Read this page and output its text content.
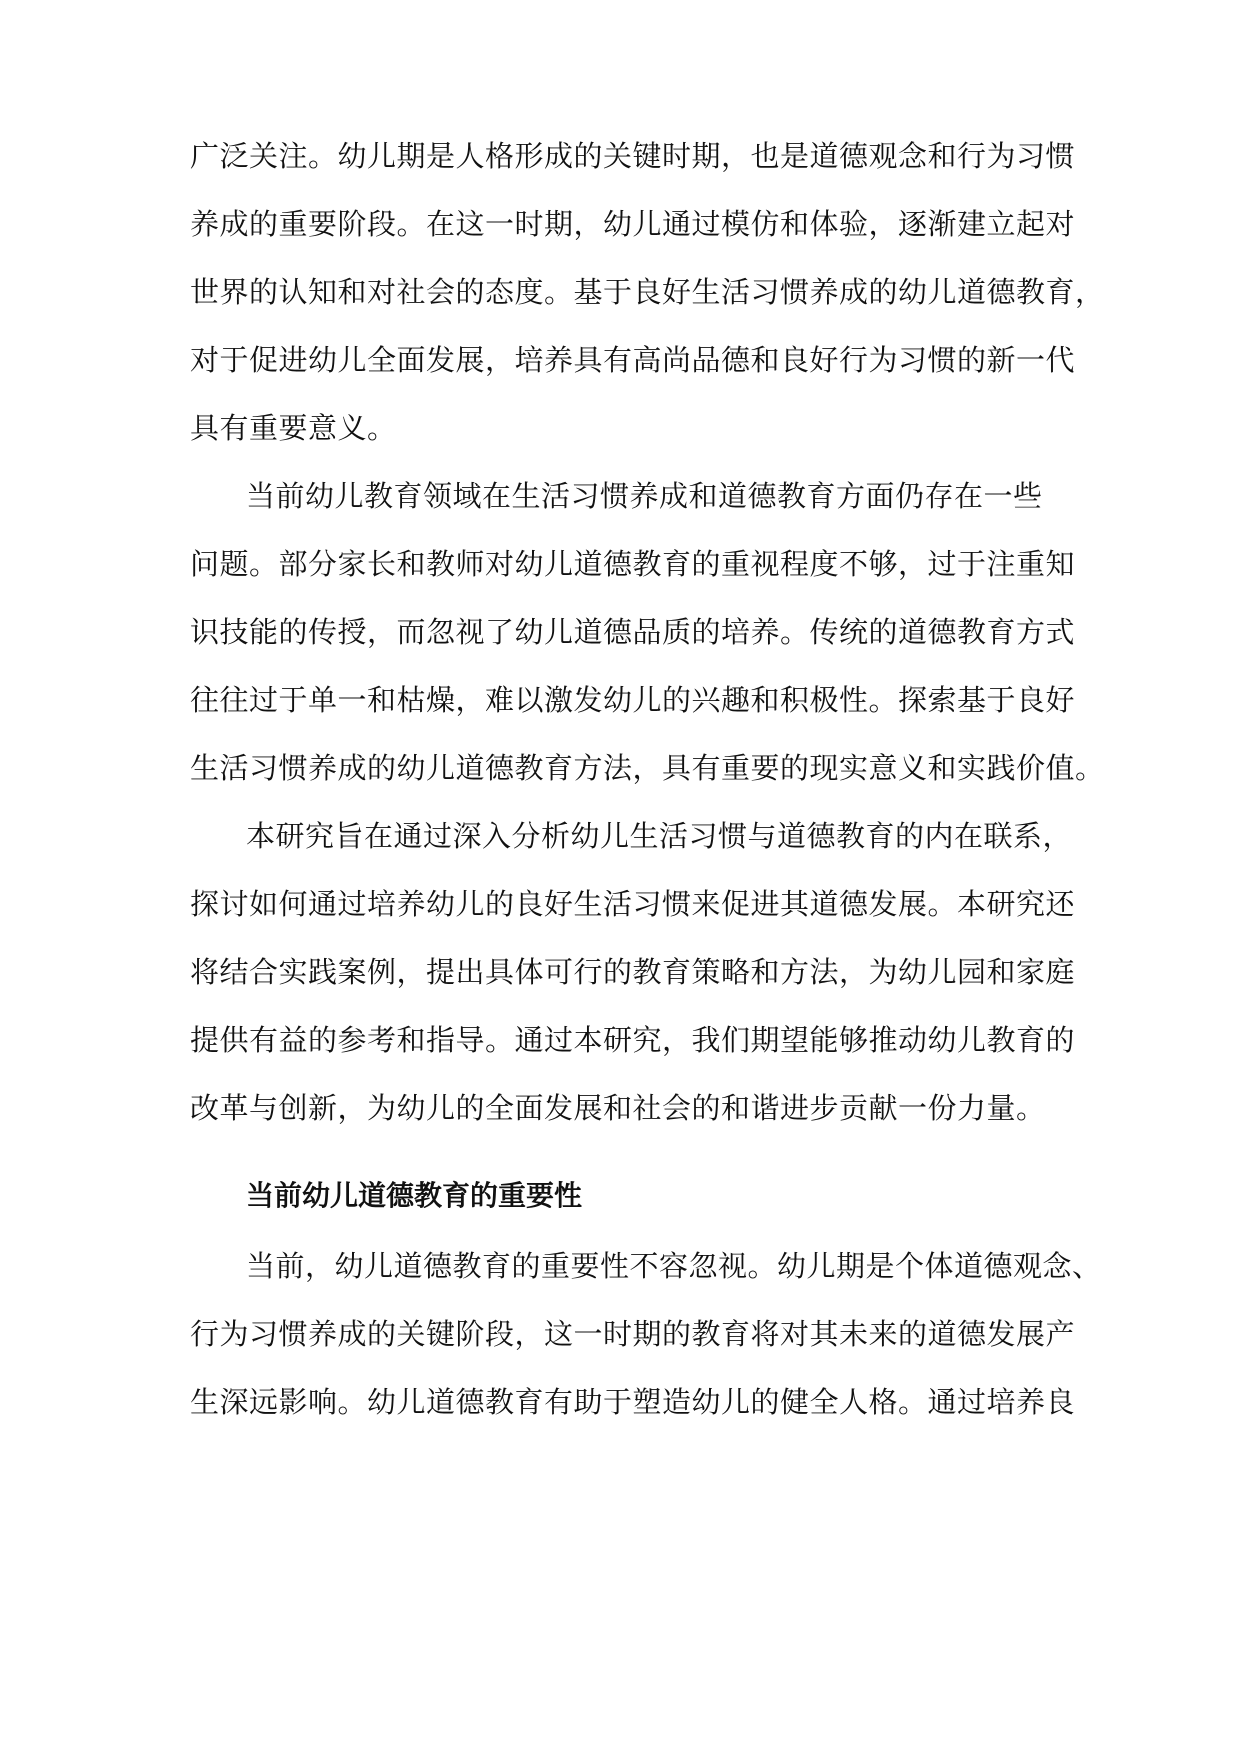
广泛关注。幼儿期是人格形成的关键时期，也是道德观念和行为习惯
养成的重要阶段。在这一时期，幼儿通过模仿和体验，逐渐建立起对
世界的认知和对社会的态度。基于良好生活习惯养成的幼儿道德教育，
对于促进幼儿全面发展，培养具有高尚品德和良好行为习惯的新一代
具有重要意义。
当前幼儿教育领域在生活习惯养成和道德教育方面仍存在一些
问题。部分家长和教师对幼儿道德教育的重视程度不够，过于注重知
识技能的传授，而忽视了幼儿道德品质的培养。传统的道德教育方式
往往过于单一和枯燥，难以激发幼儿的兴趣和积极性。探索基于良好
生活习惯养成的幼儿道德教育方法，具有重要的现实意义和实践价值。
本研究旨在通过深入分析幼儿生活习惯与道德教育的内在联系，
探讨如何通过培养幼儿的良好生活习惯来促进其道德发展。本研究还
将结合实践案例，提出具体可行的教育策略和方法，为幼儿园和家庭
提供有益的参考和指导。通过本研究，我们期望能够推动幼儿教育的
改革与创新，为幼儿的全面发展和社会的和谐进步贡献一份力量。
当前幼儿道德教育的重要性
当前，幼儿道德教育的重要性不容忽视。幼儿期是个体道德观念、
行为习惯养成的关键阶段，这一时期的教育将对其未来的道德发展产
生深远影响。幼儿道德教育有助于塑造幼儿的健全人格。通过培养良
